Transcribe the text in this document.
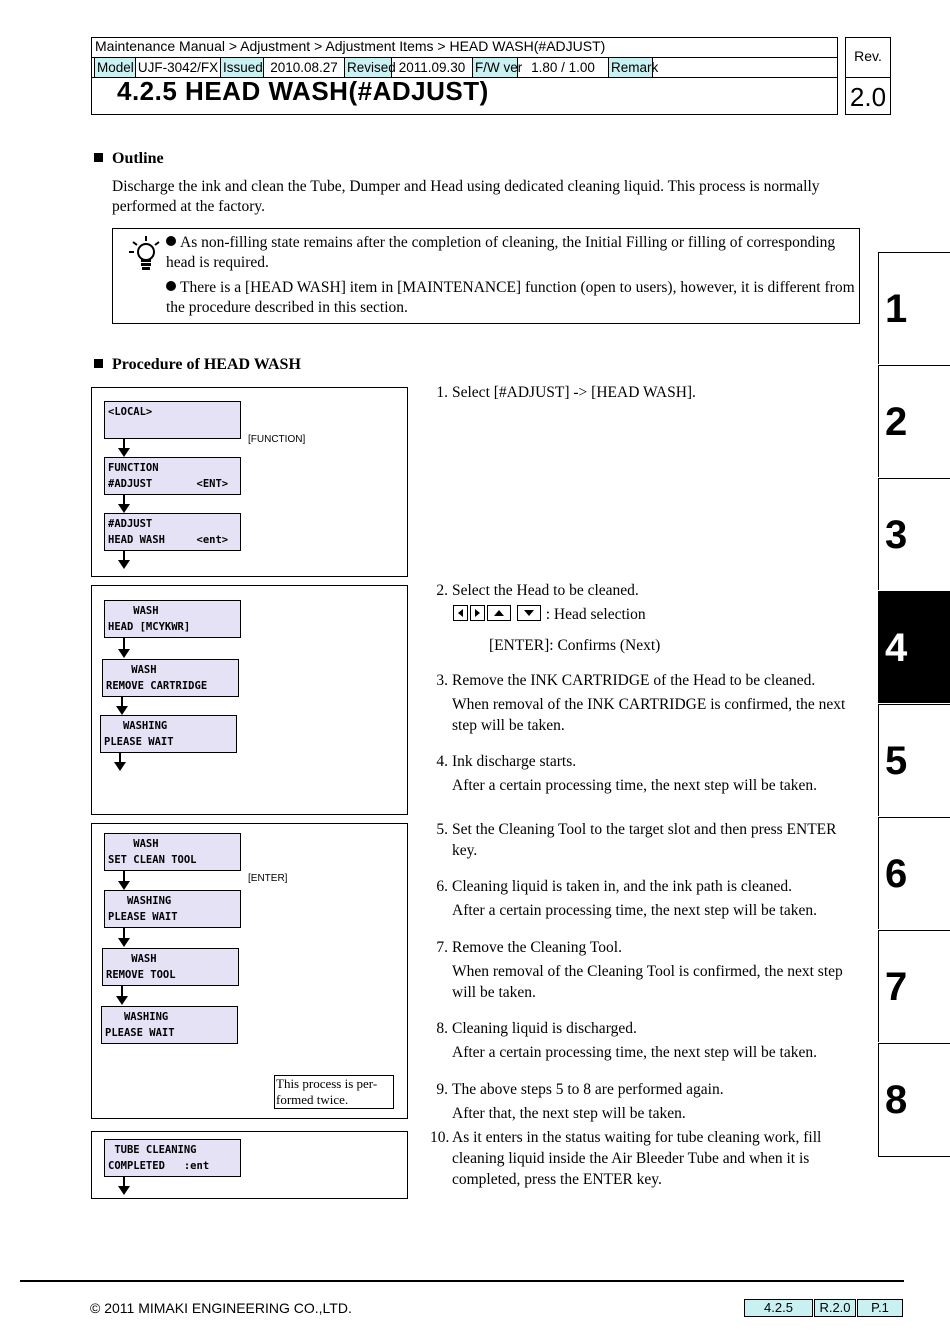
Maintenance Manual > Adjustment > Adjustment Items > HEAD WASH(#ADJUST)
Model UJF-3042/FX Issued 2010.08.27 Revised 2011.09.30 F/W ver 1.80 / 1.00	Remark
4.2.5 HEAD WASH(#ADJUST)
Rev.
2.0
Outline
Discharge the ink and clean the Tube, Dumper and Head using dedicated cleaning liquid. This process is normally performed at the factory.
As non-filling state remains after the completion of cleaning, the Initial Filling or filling of corresponding head is required.
There is a [HEAD WASH] item in [MAINTENANCE] function (open to users), however, it is different from the procedure described in this section.
Procedure of HEAD WASH
<LOCAL>
[FUNCTION]
FUNCTION
#ADJUST       <ENT>
#ADJUST
HEAD WASH     <ent>
WASH
HEAD [MCYKWR]
WASH
REMOVE CARTRIDGE
WASHING
PLEASE WAIT
WASH
SET CLEAN TOOL
[ENTER]
WASHING
PLEASE WAIT
WASH
REMOVE TOOL
WASHING
PLEASE WAIT
This process is per-
formed twice.
TUBE CLEANING
COMPLETED   :ent
1. Select [#ADJUST] -> [HEAD WASH].
2. Select the Head to be cleaned.

: Head selection
[ENTER]: Confirms (Next)
3. Remove the INK CARTRIDGE of the Head to be cleaned.
When removal of the INK CARTRIDGE is confirmed, the next step will be taken.
4. Ink discharge starts.
After a certain processing time, the next step will be taken.
5. Set the Cleaning Tool to the target slot and then press ENTER key.
6. Cleaning liquid is taken in, and the ink path is cleaned.
After a certain processing time, the next step will be taken.
7. Remove the Cleaning Tool.
When removal of the Cleaning Tool is confirmed, the next step will be taken.
8. Cleaning liquid is discharged.
After a certain processing time, the next step will be taken.
9. The above steps 5 to 8 are performed again.
After that, the next step will be taken.
10. As it enters in the status waiting for tube cleaning work, fill cleaning liquid inside the Air Bleeder Tube and when it is completed, press the ENTER key.
1
2
3
4
5
6
7
8
© 2011 MIMAKI ENGINEERING CO.,LTD.	4.2.5	R.2.0	P.1
